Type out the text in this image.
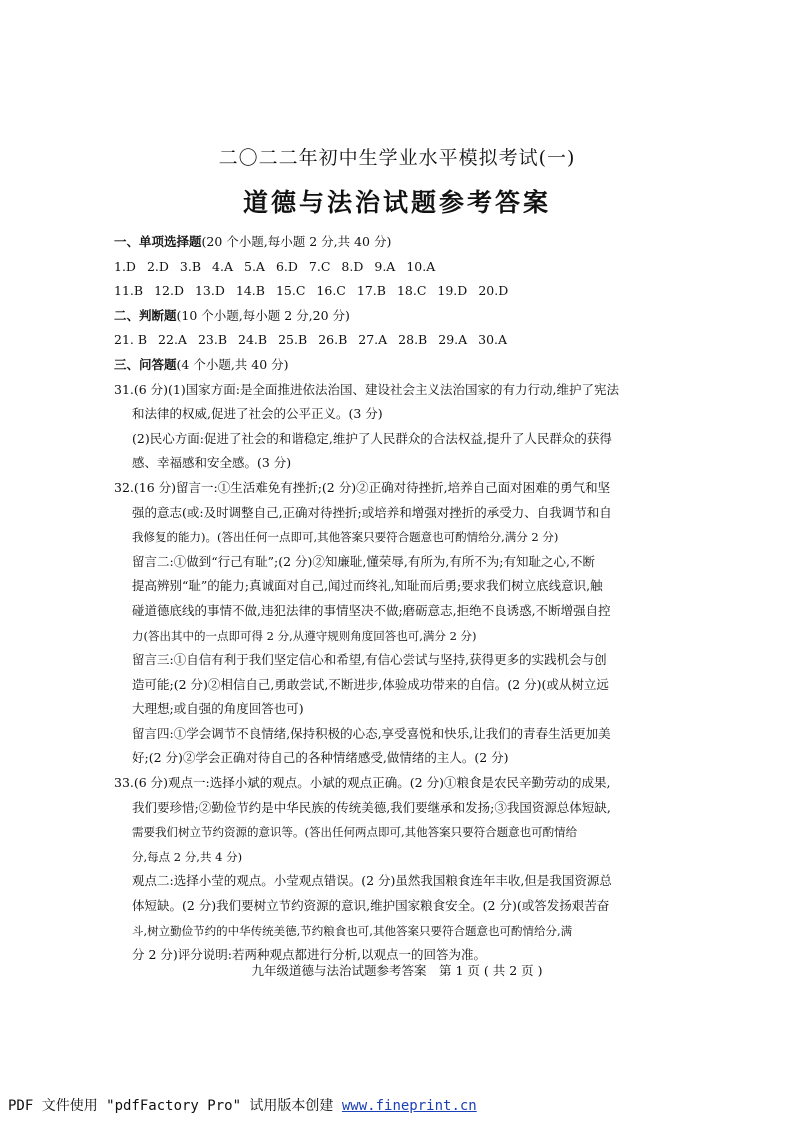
二〇二二年初中生学业水平模拟考试(一)
道德与法治试题参考答案
一、单项选择题(20 个小题,每小题 2 分,共 40 分)
1.D 2.D 3.B 4.A 5.A 6.D 7.C 8.D 9.A 10.A
11.B 12.D 13.D 14.B 15.C 16.C 17.B 18.C 19.D 20.D
二、判断题(10 个小题,每小题 2 分,20 分)
21. B 22.A 23.B 24.B 25.B 26.B 27.A 28.B 29.A 30.A
三、问答题(4 个小题,共 40 分)
31.(6 分)(1)国家方面:是全面推进依法治国、建设社会主义法治国家的有力行动,维护了宪法
和法律的权威,促进了社会的公平正义。(3 分)
(2)民心方面:促进了社会的和谐稳定,维护了人民群众的合法权益,提升了人民群众的获得
感、幸福感和安全感。(3 分)
32.(16 分)留言一:①生活难免有挫折;(2 分)②正确对待挫折,培养自己面对困难的勇气和坚
强的意志(或:及时调整自己,正确对待挫折;或培养和增强对挫折的承受力、自我调节和自
我修复的能力)。(答出任何一点即可,其他答案只要符合题意也可酌情给分,满分 2 分)
留言二:①做到“行己有耻”;(2 分)②知廉耻,懂荣辱,有所为,有所不为;有知耻之心,不断
提高辨别“耻”的能力;真诚面对自己,闻过而终礼,知耻而后勇;要求我们树立底线意识,触
碰道德底线的事情不做,违犯法律的事情坚决不做;磨砺意志,拒绝不良诱惑,不断增强自控
力(答出其中的一点即可得 2 分,从遵守规则角度回答也可,满分 2 分)
留言三:①自信有利于我们坚定信心和希望,有信心尝试与坚持,获得更多的实践机会与创
造可能;(2 分)②相信自己,勇敢尝试,不断进步,体验成功带来的自信。(2 分)(或从树立远
大理想;或自强的角度回答也可)
留言四:①学会调节不良情绪,保持积极的心态,享受喜悦和快乐,让我们的青春生活更加美
好;(2 分)②学会正确对待自己的各种情绪感受,做情绪的主人。(2 分)
33.(6 分)观点一:选择小斌的观点。小斌的观点正确。(2 分)①粮食是农民辛勤劳动的成果,
我们要珍惜;②勤俭节约是中华民族的传统美德,我们要继承和发扬;③我国资源总体短缺,
需要我们树立节约资源的意识等。(答出任何两点即可,其他答案只要符合题意也可酌情给
分,每点 2 分,共 4 分)
观点二:选择小莹的观点。小莹观点错误。(2 分)虽然我国粮食连年丰收,但是我国资源总
体短缺。(2 分)我们要树立节约资源的意识,维护国家粮食安全。(2 分)(或答发扬艰苦奋
斗,树立勤俭节约的中华传统美德,节约粮食也可,其他答案只要符合题意也可酌情给分,满
分 2 分)评分说明:若两种观点都进行分析,以观点一的回答为准。
九年级道德与法治试题参考答案　第 1 页 ( 共 2 页 )
PDF 文件使用 "pdfFactory Pro" 试用版本创建 www.fineprint.cn
